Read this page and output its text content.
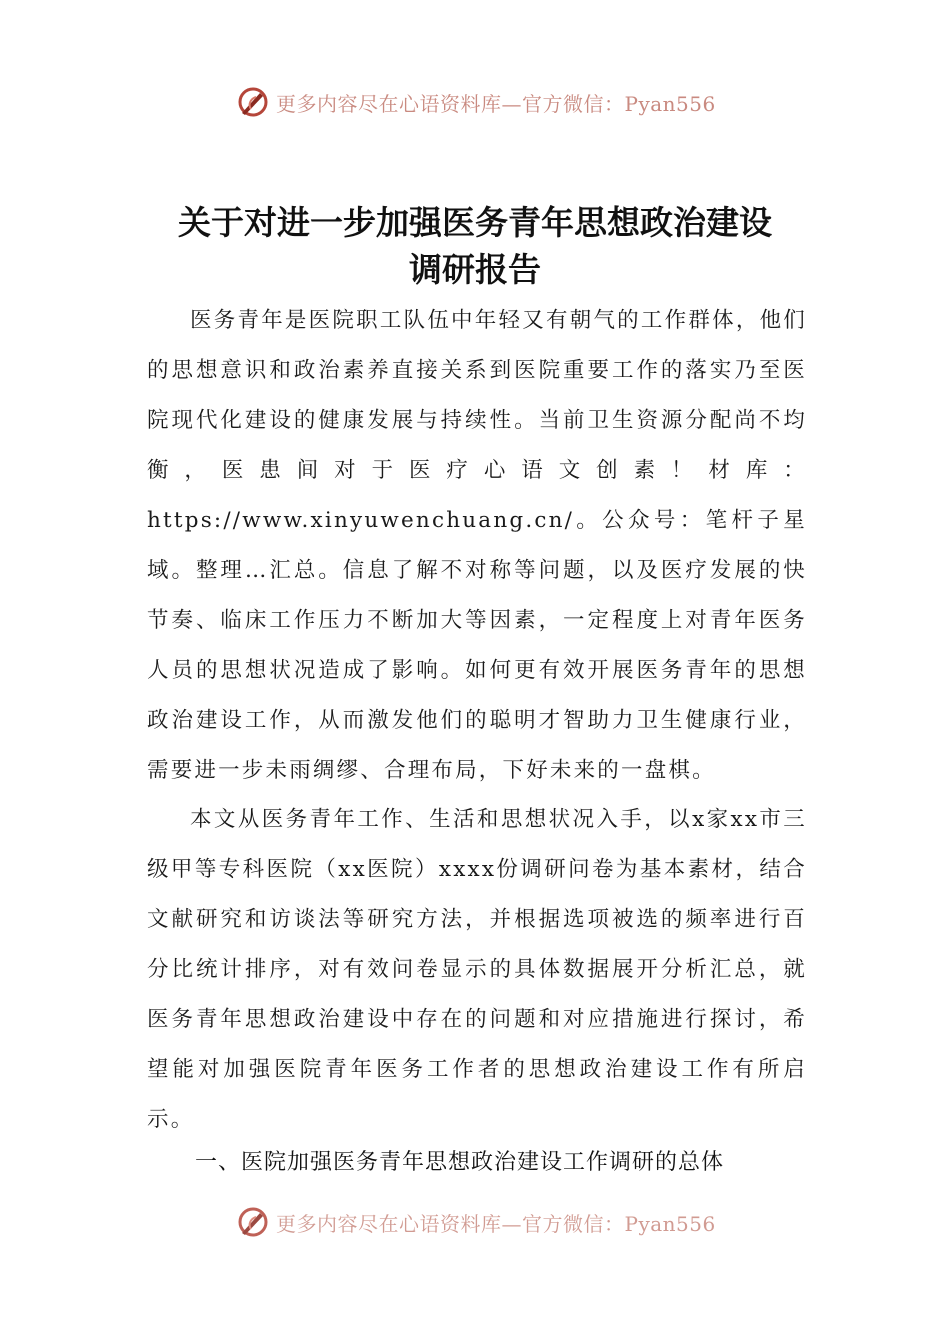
更多内容尽在心语资料库—官方微信：Pyan556
关于对进一步加强医务青年思想政治建设
调研报告

医务青年是医院职工队伍中年轻又有朝气的工作群体，他们的思想意识和政治素养直接关系到医院重要工作的落实乃至医院现代化建设的健康发展与持续性。当前卫生资源分配尚不均衡，医患间对于医疗心语文创素！材库：https://www.xinyuwenchuang.cn/。公众号：笔杆子星域。整理…汇总。信息了解不对称等问题，以及医疗发展的快节奏、临床工作压力不断加大等因素，一定程度上对青年医务人员的思想状况造成了影响。如何更有效开展医务青年的思想政治建设工作，从而激发他们的聪明才智助力卫生健康行业，需要进一步未雨绸缪、合理布局，下好未来的一盘棋。

本文从医务青年工作、生活和思想状况入手，以x家xx市三级甲等专科医院（xx医院）xxxx份调研问卷为基本素材，结合文献研究和访谈法等研究方法，并根据选项被选的频率进行百分比统计排序，对有效问卷显示的具体数据展开分析汇总，就医务青年思想政治建设中存在的问题和对应措施进行探讨，希望能对加强医院青年医务工作者的思想政治建设工作有所启示。

一、医院加强医务青年思想政治建设工作调研的总体
更多内容尽在心语资料库—官方微信：Pyan556
